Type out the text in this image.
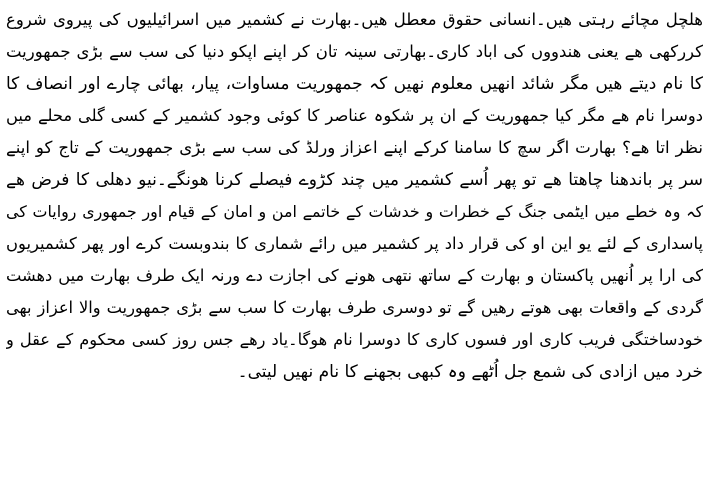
ھلچل مچائے رہتی ھیں۔انسانی حقوق معطل ھیں۔بھارت نے کشمیر میں اسرائیلیوں کی پیروی شروع
کررکھی ھے یعنی ھندووں کی اباد کاری۔بھارتی سینہ تان کر اپنے اپکو دنیا کی سب سے بڑی جمھوریت
کا نام دیتے ھیں مگر شائد انھیں معلوم نھیں کہ جمھوریت مساوات، پیار، بھائی چارے اور انصاف کا
دوسرا نام ھے مگر کیا جمھوریت کے ان پر شکوہ عناصر کا کوئی وجود کشمیر کے کسی گلی محلے میں
نظر اتا ھے؟ بھارت اگر سچ کا سامنا کرکے اپنے اعزاز ورلڈ کی سب سے بڑی جمھوریت کے تاج کو اپنے
سر پر باندھنا چاھتا ھے تو پھر اُسے کشمیر میں چند کڑوے فیصلے کرنا ھونگے۔نیو دھلی کا فرض ھے
کہ وہ خطے میں ایٹمی جنگ کے خطرات و خدشات کے خاتمے امن و امان کے قیام اور جمھوری روایات کی
پاسداری کے لئے یو این او کی قرار داد پر کشمیر میں رائے شماری کا بندوبست کرے اور پھر کشمیریوں
کی ارا پر اُنھیں پاکستان و بھارت کے ساتھ نتھی ھونے کی اجازت دے ورنہ ایک طرف بھارت میں دھشت
گردی کے واقعات بھی ھوتے رھیں گے تو دوسری طرف بھارت کا سب سے بڑی جمھوریت والا اعزاز بھی
خودساختگی فریب کاری اور فسوں کاری کا دوسرا نام ھوگا۔یاد رھے جس روز کسی محکوم کے عقل و
خرد میں ازادی کی شمع جل اُٹھے وہ کبھی بجھنے کا نام نھیں لیتی۔
